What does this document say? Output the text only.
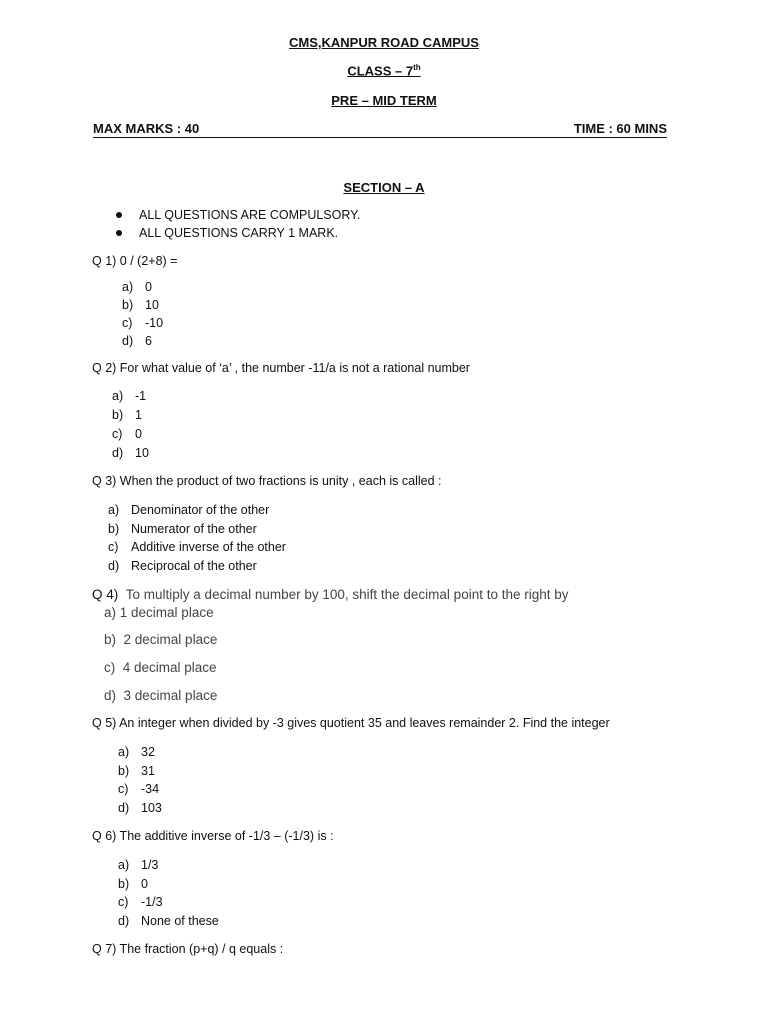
CMS,KANPUR ROAD CAMPUS
CLASS – 7th
PRE – MID TERM
MAX MARKS : 40	TIME : 60 MINS
SECTION – A
ALL QUESTIONS ARE COMPULSORY.
ALL QUESTIONS CARRY 1 MARK.
Q 1) 0 / (2+8) =
a) 0
b) 10
c) -10
d) 6
Q 2) For what value of ‘a’ , the number -11/a is not a rational number
a) -1
b) 1
c) 0
d) 10
Q 3) When the product of two fractions is unity , each is called :
a) Denominator of the other
b) Numerator of the other
c) Additive inverse of the other
d) Reciprocal of the other
Q 4) To multiply a decimal number by 100, shift the decimal point to the right by
a) 1 decimal place
b) 2 decimal place
c) 4 decimal place
d) 3 decimal place
Q 5) An integer when divided by -3 gives quotient 35 and leaves remainder 2. Find the integer
a) 32
b) 31
c) -34
d) 103
Q 6) The additive inverse of -1/3 – (-1/3) is :
a) 1/3
b) 0
c) -1/3
d) None of these
Q 7) The fraction (p+q) / q equals :
